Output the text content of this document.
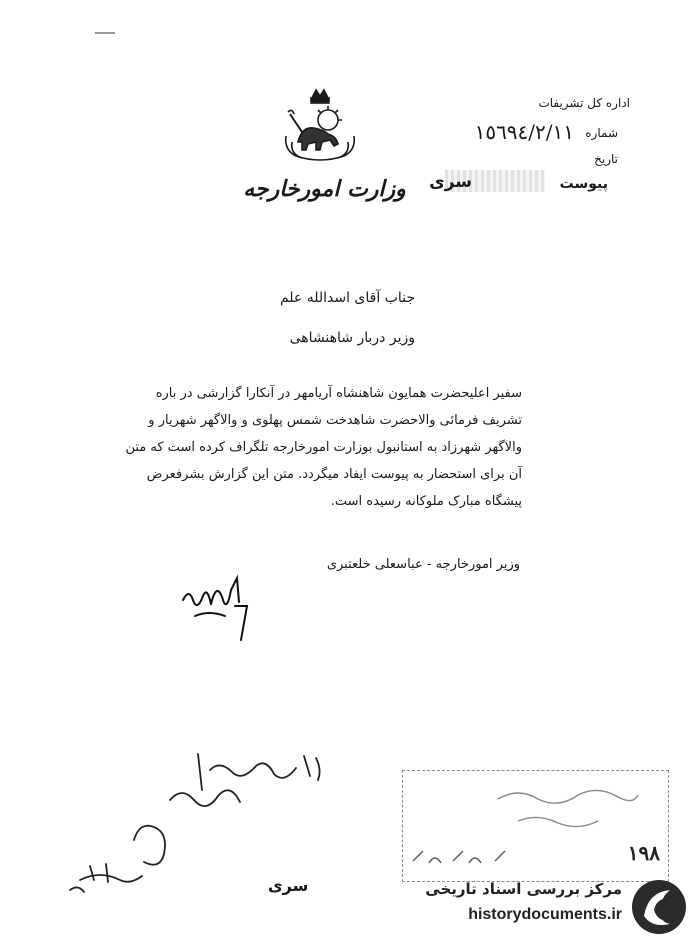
اداره کل تشریفات
شماره
١٥٦٩٤/٢/١١
تاریخ
پیوست
سری
وزارت امورخارجه
جناب آقای اسدالله علم
وزیر دربار شاهنشاهی
سفیر اعلیحضرت همایون شاهنشاه آریامهر در آنکارا گزارشی در باره
تشریف فرمائی والاحضرت شاهدخت شمس پهلوی و والاگهر شهریار و
والاگهر شهرزاد به استانبول بوزارت امورخارجه تلگراف کرده است که متن
آن برای استحضار به پیوست ایفاد میگردد. متن این گزارش بشرفعرض
پیشگاه مبارک ملوکانه رسیده است.
وزیر امورخارجه - عباسعلی خلعتبری
١٩٨
سری	مرکز بررسی اسناد تاریخی
historydocuments.ir
